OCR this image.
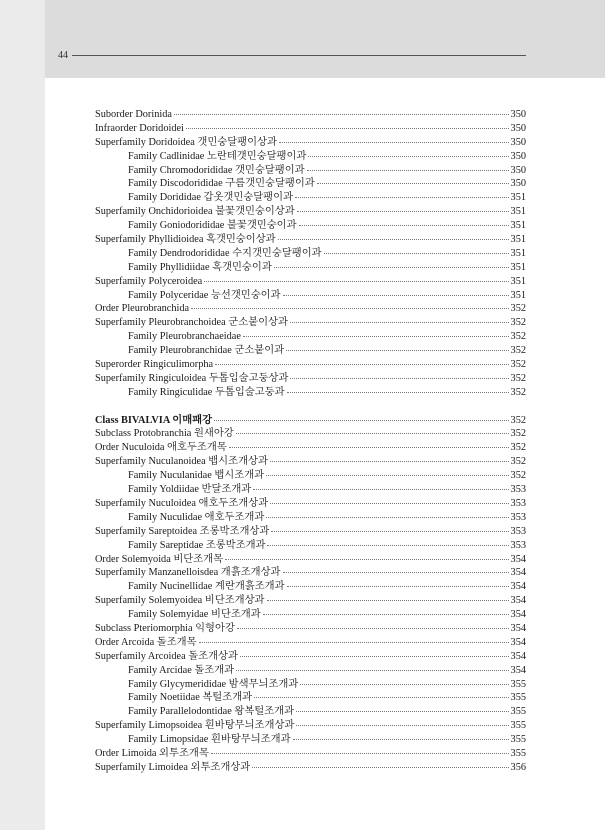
44
Suborder Dorinida	350
Infraorder Doridoidei	350
Superfamily Doridoidea 갯민숭달팽이상과	350
Family Cadlinidae 노란테갯민숭달팽이과	350
Family Chromodorididae 갯민숭달팽이과	350
Family Discodorididae 구름갯민숭달팽이과	350
Family Dorididae 갑옷갯민숭달팽이과	351
Superfamily Onchidorioidea 불꽃갯민숭이상과	351
Family Goniodorididae 불꽃갯민숭이과	351
Superfamily Phyllidioidea 혹갯민숭이상과	351
Family Dendrodorididae 수지갯민숭달팽이과	351
Family Phyllidiidae 혹갯민숭이과	351
Superfamily Polyceroidea	351
Family Polyceridae 능선갯민숭이과	351
Order Pleurobranchida	352
Superfamily Pleurobranchoidea 군소붙이상과	352
Family Pleurobranchaeidae	352
Family Pleurobranchidae 군소붙이과	352
Superorder Ringiculimorpha	352
Superfamily Ringiculoidea 두톱입술고둥상과	352
Family Ringiculidae 두톱입술고둥과	352
Class BIVALVIA 이매패강	352
Subclass Protobranchia 원새아강	352
Order Nuculoida 애호두조개목	352
Superfamily Nuculanoidea 뱁시조개상과	352
Family Nuculanidae 뱁시조개과	352
Family Yoldiidae 반달조개과	353
Superfamily Nuculoidea 애호두조개상과	353
Family Nuculidae 애호두조개과	353
Superfamily Sareptoidea 조롱박조개상과	353
Family Sareptidae 조롱박조개과	353
Order Solemyoida 비단조개목	354
Superfamily Manzanelloisdea 개흙조개상과	354
Family Nucinellidae 계란개흙조개과	354
Superfamily Solemyoidea 비단조개상과	354
Family Solemyidae 비단조개과	354
Subclass Pteriomorphia 익형아강	354
Order Arcoida 돌조개목	354
Superfamily Arcoidea 돌조개상과	354
Family Arcidae 돌조개과	354
Family Glycymerididae 밤색무늬조개과	355
Family Noetiidae 복털조개과	355
Family Parallelodontidae 왕복털조개과	355
Superfamily Limopsoidea 흰바탕무늬조개상과	355
Family Limopsidae 흰바탕무늬조개과	355
Order Limoida 외투조개목	355
Superfamily Limoidea 외투조개상과	356
